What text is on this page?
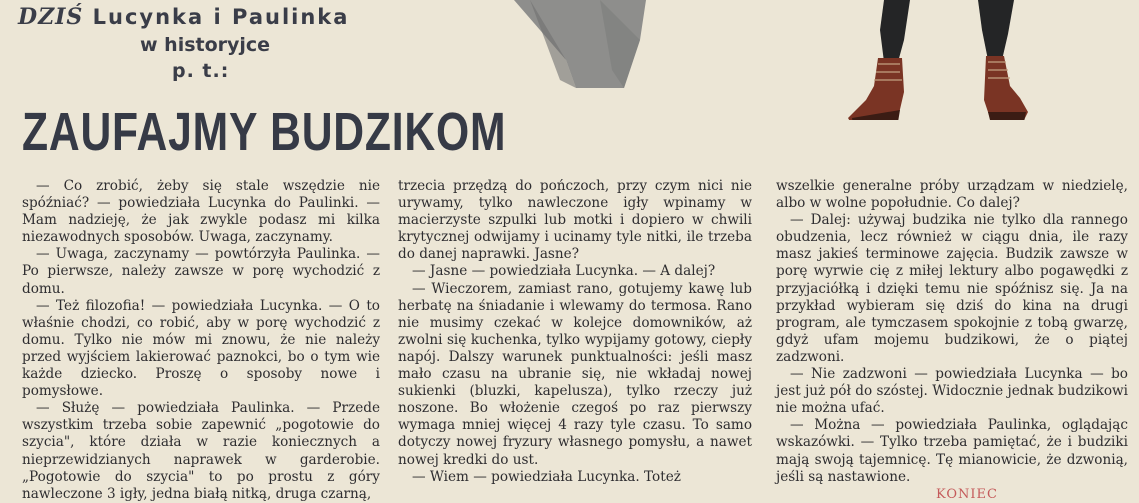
DZIŚ Lucynka i Paulinka
w historyjce
p. t.:
ZAUFAJMY BUDZIKOM

— Co zrobić, żeby się stale wszędzie nie spóźniać? — powiedziała Lucynka do Paulinki. — Mam nadzieję, że jak zwykle podasz mi kilka niezawodnych sposobów. Uwaga, zaczynamy.

— Uwaga, zaczynamy — powtórzyła Paulinka. — Po pierwsze, należy zawsze w porę wychodzić z domu.

— Też filozofia! — powiedziała Lucynka. — O to właśnie chodzi, co robić, aby w porę wychodzić z domu. Tylko nie mów mi znowu, że nie należy przed wyjściem lakierować paznokci, bo o tym wie każde dziecko. Proszę o sposoby nowe i pomysłowe.

— Służę — powiedziała Paulinka. — Przede wszystkim trzeba sobie zapewnić „pogotowie do szycia", które działa w razie koniecznych a nieprzewidzianych naprawek w garderobie. „Pogotowie do szycia" to po prostu z góry nawleczone 3 igły, jedna białą nitką, druga czarną,

trzecia przędzą do pończoch, przy czym nici nie urywamy, tylko nawleczone igły wpinamy w macierzyste szpulki lub motki i dopiero w chwili krytycznej odwijamy i ucinamy tyle nitki, ile trzeba do danej naprawki. Jasne?

— Jasne — powiedziała Lucynka. — A dalej?

— Wieczorem, zamiast rano, gotujemy kawę lub herbatę na śniadanie i wlewamy do termosa. Rano nie musimy czekać w kolejce domowników, aż zwolni się kuchenka, tylko wypijamy gotowy, ciepły napój. Dalszy warunek punktualności: jeśli masz mało czasu na ubranie się, nie wkładaj nowej sukienki (bluzki, kapelusza), tylko rzeczy już noszone. Bo włożenie czegoś po raz pierwszy wymaga mniej więcej 4 razy tyle czasu. To samo dotyczy nowej fryzury własnego pomysłu, a nawet nowej kredki do ust.

— Wiem — powiedziała Lucynka. Toteż

wszelkie generalne próby urządzam w niedzielę, albo w wolne popołudnie. Co dalej?

— Dalej: używaj budzika nie tylko dla rannego obudzenia, lecz również w ciągu dnia, ile razy masz jakieś terminowe zajęcia. Budzik zawsze w porę wyrwie cię z miłej lektury albo pogawędki z przyjaciółką i dzięki temu nie spóźnisz się. Ja na przykład wybieram się dziś do kina na drugi program, ale tymczasem spokojnie z tobą gwarzę, gdyż ufam mojemu budzikowi, że o piątej zadzwoni.

— Nie zadzwoni — powiedziała Lucynka — bo jest już pół do szóstej. Widocznie jednak budzikowi nie można ufać.

— Można — powiedziała Paulinka, oglądając wskazówki. — Tylko trzeba pamiętać, że i budziki mają swoją tajemnicę. Tę mianowicie, że dzwonią, jeśli są nastawione.

KONIEC
